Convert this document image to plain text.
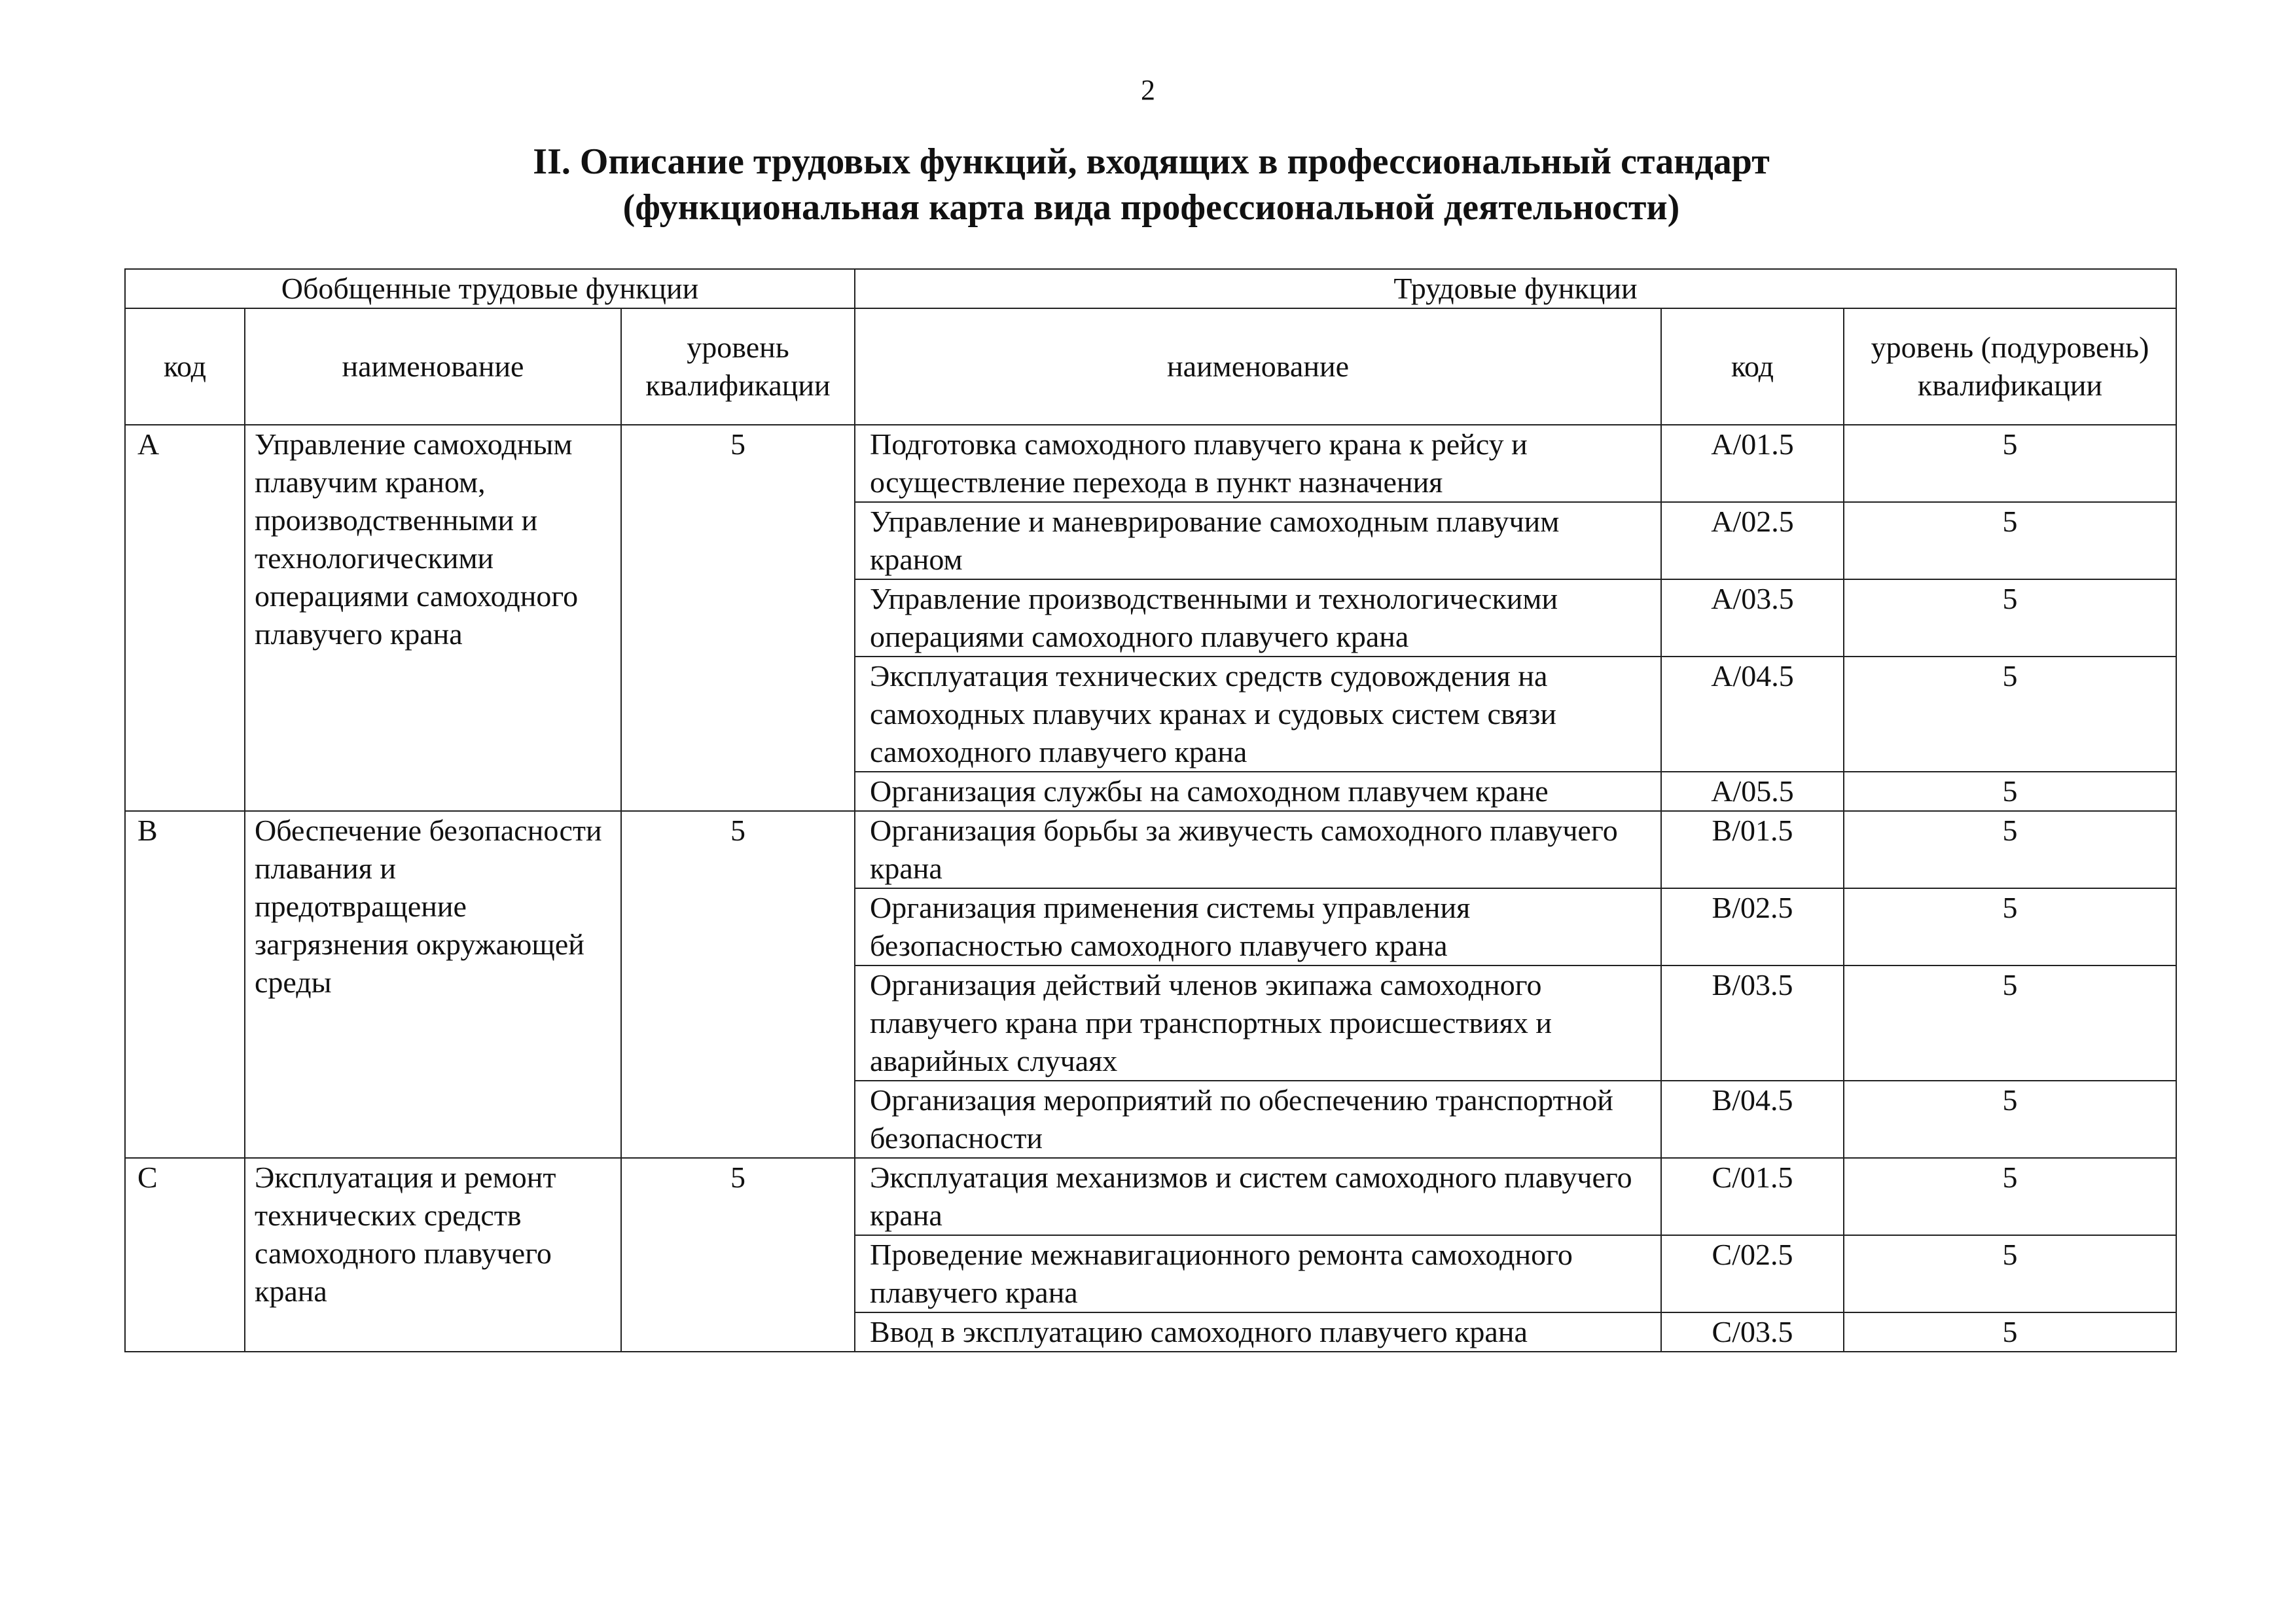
2
II. Описание трудовых функций, входящих в профессиональный стандарт
(функциональная карта вида профессиональной деятельности)
Обобщенные трудовые функции			Трудовые функции		
код	наименование	уровень квалификации	наименование	код	уровень (подуровень) квалификации
A	Управление самоходным плавучим краном, производственными и технологическими операциями самоходного плавучего крана	5	Подготовка самоходного плавучего крана к рейсу и осуществление перехода в пункт назначения	A/01.5	5
			Управление и маневрирование самоходным плавучим краном	A/02.5	5
			Управление производственными и технологическими операциями самоходного плавучего крана	A/03.5	5
			Эксплуатация технических средств судовождения на самоходных плавучих кранах и судовых систем связи самоходного плавучего крана	A/04.5	5
			Организация службы на самоходном плавучем кране	A/05.5	5
B	Обеспечение безопасности плавания и предотвращение загрязнения окружающей среды	5	Организация борьбы за живучесть самоходного плавучего крана	B/01.5	5
			Организация применения системы управления безопасностью самоходного плавучего крана	B/02.5	5
			Организация действий членов экипажа самоходного плавучего крана при транспортных происшествиях и аварийных случаях	B/03.5	5
			Организация мероприятий по обеспечению транспортной безопасности	B/04.5	5
C	Эксплуатация и ремонт технических средств самоходного плавучего крана	5	Эксплуатация механизмов и систем самоходного плавучего крана	C/01.5	5
			Проведение межнавигационного ремонта самоходного плавучего крана	C/02.5	5
			Ввод в эксплуатацию самоходного плавучего крана	C/03.5	5
